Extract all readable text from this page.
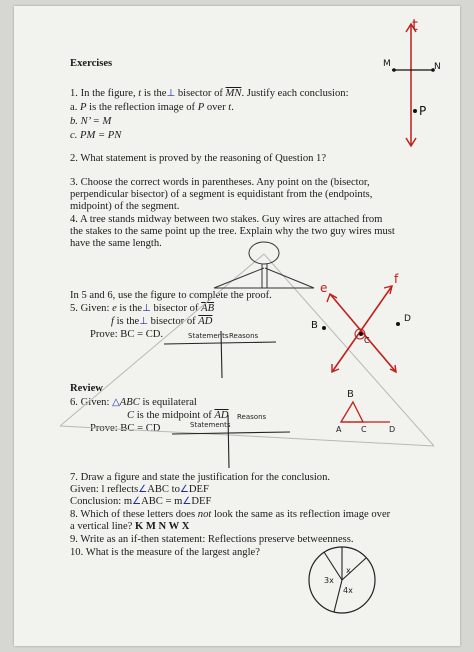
Exercises
1. In the figure, t is the⊥ bisector of $\overline{MN}$. Justify each conclusion:
a. P is the reflection image of P over t.
b. N’ = M
c. PM = PN
2. What statement is proved by the reasoning of Question 1?
3. Choose the correct words in parentheses. Any point on the (bisector,
perpendicular bisector) of a segment is equidistant from the (endpoints,
midpoint) of the segment.
4. A tree stands midway between two stakes. Guy wires are attached from
the stakes to the same point up the tree. Explain why the two guy wires must
have the same length.
In 5 and 6, use the figure to complete the proof.
5. Given: e is the⊥ bisector of $\overline{AB}$
f is the⊥ bisector of $\overline{AD}$
Prove: BC = CD.
Review
6. Given: △ABC is equilateral
C is the midpoint of $\overline{AD}$
Prove: BC = CD
7. Draw a figure and state the justification for the conclusion.
Given: l reflects∠ABC to∠DEF
Conclusion: m∠ABC = m∠DEF
8. Which of these letters does not look the same as its reflection image over
a vertical line? K M N W X
9. Write as an if-then statement: Reflections preserve betweenness.
10. What is the measure of the largest angle?
t
M	N
P
e
f
B
C
D
Statements Reasons
Statements
Reasons
B
A C	D
x
3x
4x
